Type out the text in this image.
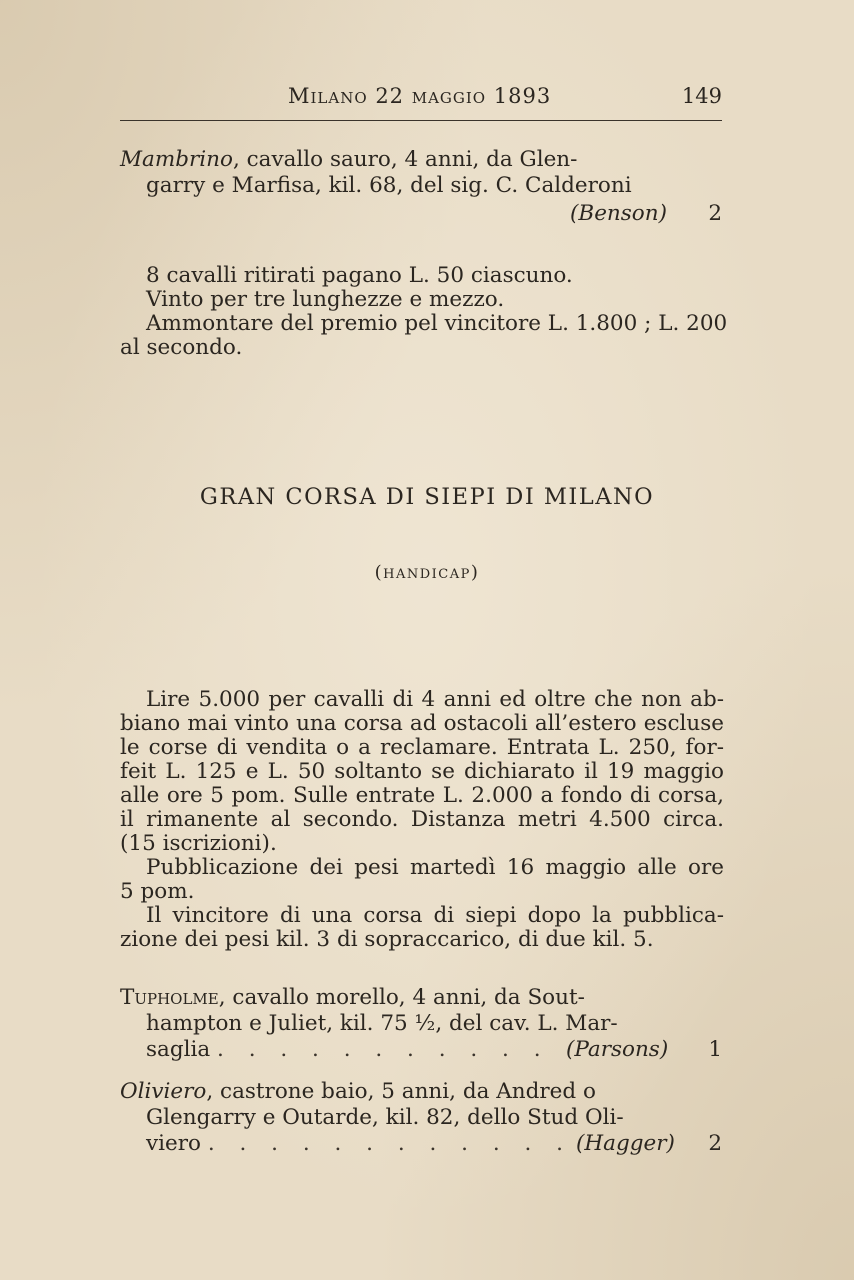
Milano 22 maggio 1893	149
Mambrino, cavallo sauro, 4 anni, da Glen-
garry e Marfisa, kil. 68, del sig. C. Calderoni
(Benson) 2
8 cavalli ritirati pagano L. 50 ciascuno.
Vinto per tre lunghezze e mezzo.
Ammontare del premio pel vincitore L. 1.800 ; L. 200
al secondo.
GRAN CORSA DI SIEPI DI MILANO
(handicap)
Lire 5.000 per cavalli di 4 anni ed oltre che non ab-
biano mai vinto una corsa ad ostacoli all’estero escluse
le corse di vendita o a reclamare. Entrata L. 250, for-
feit L. 125 e L. 50 soltanto se dichiarato il 19 maggio
alle ore 5 pom. Sulle entrate L. 2.000 a fondo di corsa,
il rimanente al secondo. Distanza metri 4.500 circa.
(15 iscrizioni).
Pubblicazione dei pesi martedì 16 maggio alle ore
5 pom.
Il vincitore di una corsa di siepi dopo la pubblica-
zione dei pesi kil. 3 di sopraccarico, di due kil. 5.
Tupholme, cavallo morello, 4 anni, da Sout-
hampton e Juliet, kil. 75 ½, del cav. L. Mar-
saglia . . . . . . . . . . . (Parsons) 1
Oliviero, castrone baio, 5 anni, da Andred o
Glengarry e Outarde, kil. 82, dello Stud Oli-
viero . . . . . . . . . . . . (Hagger) 2
